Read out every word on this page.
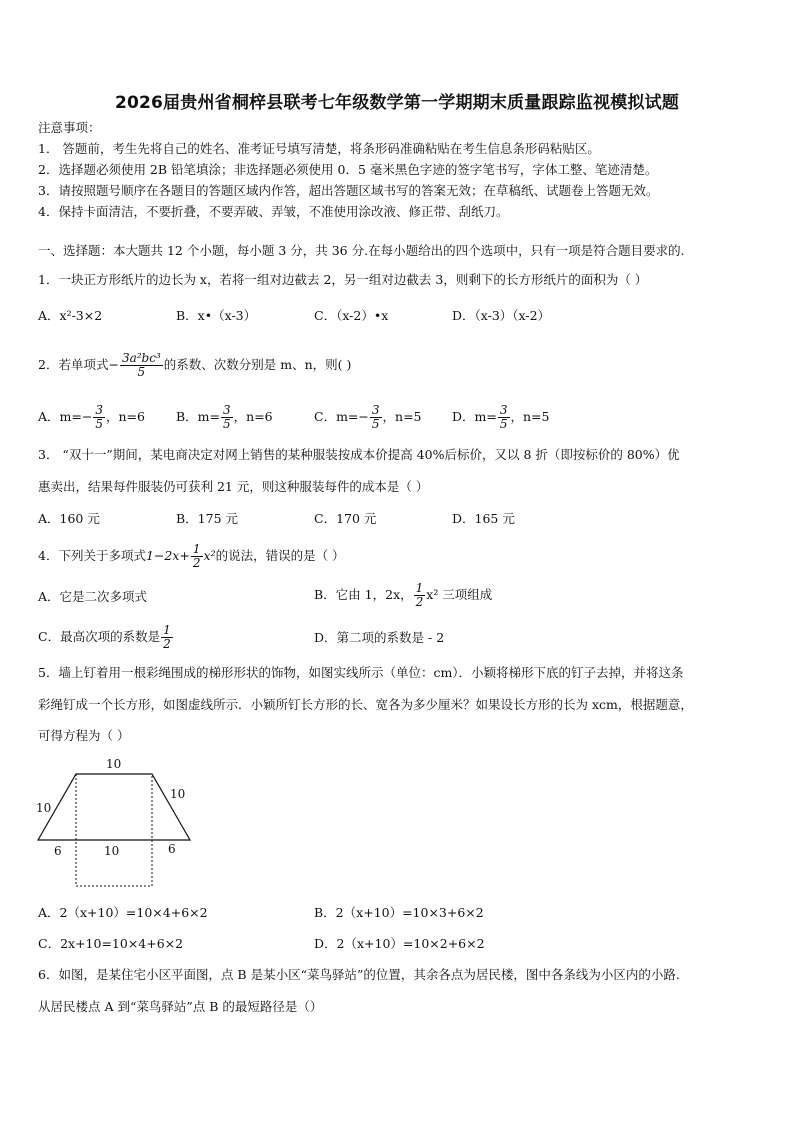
2026届贵州省桐梓县联考七年级数学第一学期期末质量跟踪监视模拟试题
注意事项：
1． 答题前，考生先将自己的姓名、准考证号填写清楚，将条形码准确粘贴在考生信息条形码粘贴区。
2．选择题必须使用 2B 铅笔填涂；非选择题必须使用 0．5 毫米黑色字迹的签字笔书写，字体工整、笔迹清楚。
3．请按照题号顺序在各题目的答题区域内作答，超出答题区域书写的答案无效；在草稿纸、试题卷上答题无效。
4．保持卡面清洁，不要折叠，不要弄破、弄皱，不准使用涂改液、修正带、刮纸刀。
一、选择题：本大题共 12 个小题，每小题 3 分，共 36 分.在每小题给出的四个选项中，只有一项是符合题目要求的.
1．一块正方形纸片的边长为 x，若将一组对边截去 2，另一组对边截去 3，则剩下的长方形纸片的面积为（ ）
A．x²-3×2	B．x•（x-3）	C．（x-2）•x	D．（x-3）（x-2）
2．若单项式− $\frac{\text{3a²bc³}}{5}$ 的系数、次数分别是 m、n，则( )
A．$m=- \frac{3}{5}$ ，n=6 B．$m= \frac{3}{5}$ ，n=6	C．$m=- \frac{3}{5}$ ，n=5 D．$m= \frac{3}{5}$ ，n=5
3． “双十一”期间，某电商决定对网上销售的某种服装按成本价提高 40%后标价，又以 8 折（即按标价的 80%）优
惠卖出，结果每件服装仍可获利 21 元，则这种服装每件的成本是（ ）
A．160 元	B．175 元	C．170 元	D．165 元
4．下列关于多项式$1-2x+ \frac{1}{2} x^2$的说法，错误的是（ ）
A．它是二次多项式	B．它由 1，2x， $\frac{1}{2} x^2$ 三项组成
C．最高次项的系数是 $\frac{1}{2}$	D．第二项的系数是 - 2
5．墙上钉着用一根彩绳围成的梯形形状的饰物，如图实线所示（单位：cm）．小颖将梯形下底的钉子去掉，并将这条
彩绳钉成一个长方形，如图虚线所示．小颖所钉长方形的长、宽各为多少厘米？如果设长方形的长为 xcm，根据题意，
可得方程为（ ）
10
10
10
6	10	6
A．2（x+10）=10×4+6×2	B．2（x+10）=10×3+6×2
C．2x+10=10×4+6×2	D．2（x+10）=10×2+6×2
6．如图，是某住宅小区平面图，点 B 是某小区“菜鸟驿站”的位置，其余各点为居民楼，图中各条线为小区内的小路.
从居民楼点 A 到“菜鸟驿站”点 B 的最短路径是（）
